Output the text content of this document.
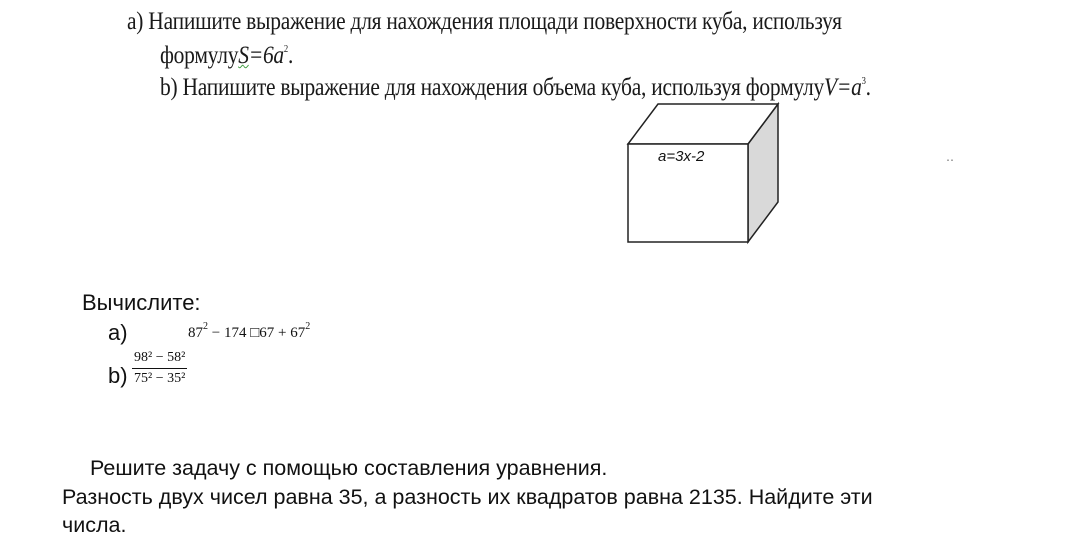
а) Напишите выражение для нахождения площади поверхности куба, используя
$формулуS=6a^2$.
b) Напишите выражение для нахождения объема куба, используя $формулуV=a^3$.
a=3x-2	‥
Вычислите:
а)	$87^2 - 174$ □67 + $67^2$
b)
98² − 58²
75² − 35²
Решите задачу с помощью составления уравнения.
Разность двух чисел равна 35, а разность их квадратов равна 2135. Найдите эти
числа.
